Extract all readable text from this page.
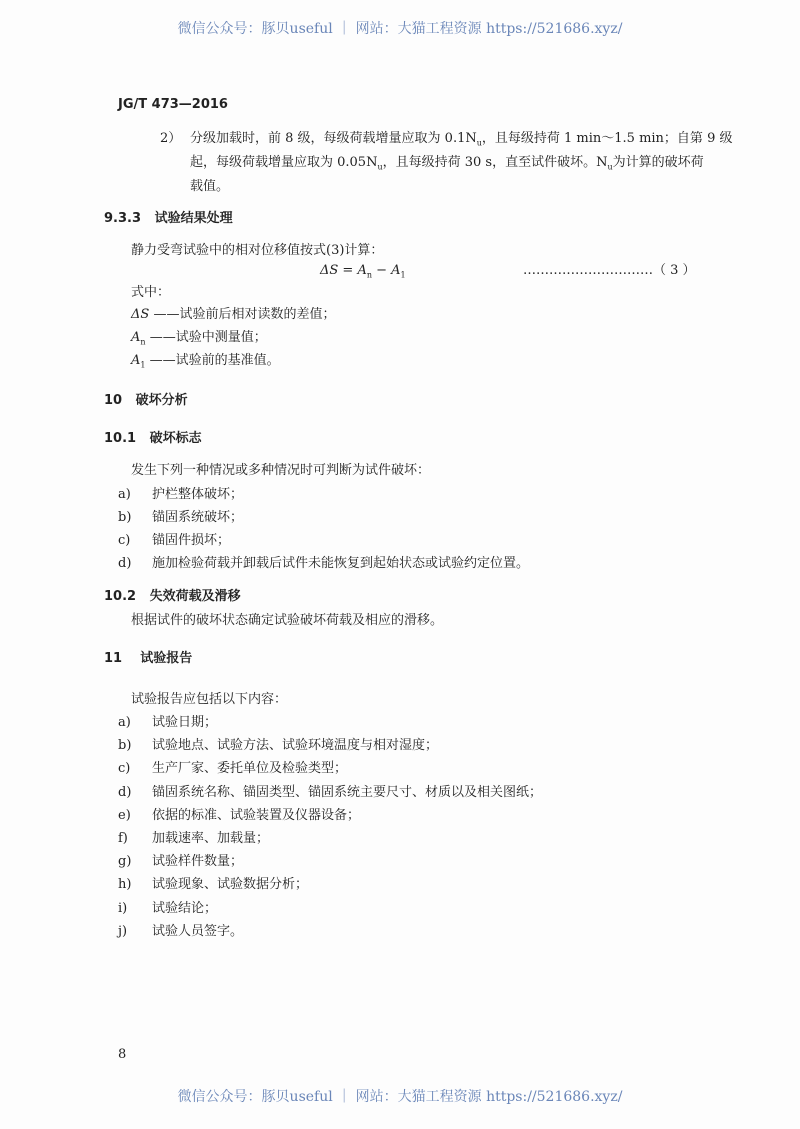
微信公众号：豚贝useful ｜ 网站：大猫工程资源 https://521686.xyz/
JG/T 473—2016
2） 分级加载时，前 8 级，每级荷载增量应取为 $0.1N_u$，且每级持荷 1 min～1.5 min；自第 9 级
起，每级荷载增量应取为 $0.05N_u$，且每级持荷 30 s，直至试件破坏。$N_u$为计算的破坏荷
载值。
9.3.3 试验结果处理
静力受弯试验中的相对位移值按式(3)计算：
$\Delta S = A_n - A_1$	…………………………（ 3 ）
式中：
ΔS ——试验前后相对读数的差值；
$A_n$ ——试验中测量值；
$A_1$ ——试验前的基准值。
10 破坏分析
10.1 破坏标志
发生下列一种情况或多种情况时可判断为试件破坏：
a) 护栏整体破坏；
b) 锚固系统破坏；
c) 锚固件损坏；
d) 施加检验荷载并卸载后试件未能恢复到起始状态或试验约定位置。
10.2 失效荷载及滑移
根据试件的破坏状态确定试验破坏荷载及相应的滑移。
11 试验报告
试验报告应包括以下内容：
a) 试验日期；
b) 试验地点、试验方法、试验环境温度与相对湿度；
c) 生产厂家、委托单位及检验类型；
d) 锚固系统名称、锚固类型、锚固系统主要尺寸、材质以及相关图纸；
e) 依据的标准、试验装置及仪器设备；
f) 加载速率、加载量；
g) 试验样件数量；
h) 试验现象、试验数据分析；
i) 试验结论；
j) 试验人员签字。
8
微信公众号：豚贝useful ｜ 网站：大猫工程资源 https://521686.xyz/
